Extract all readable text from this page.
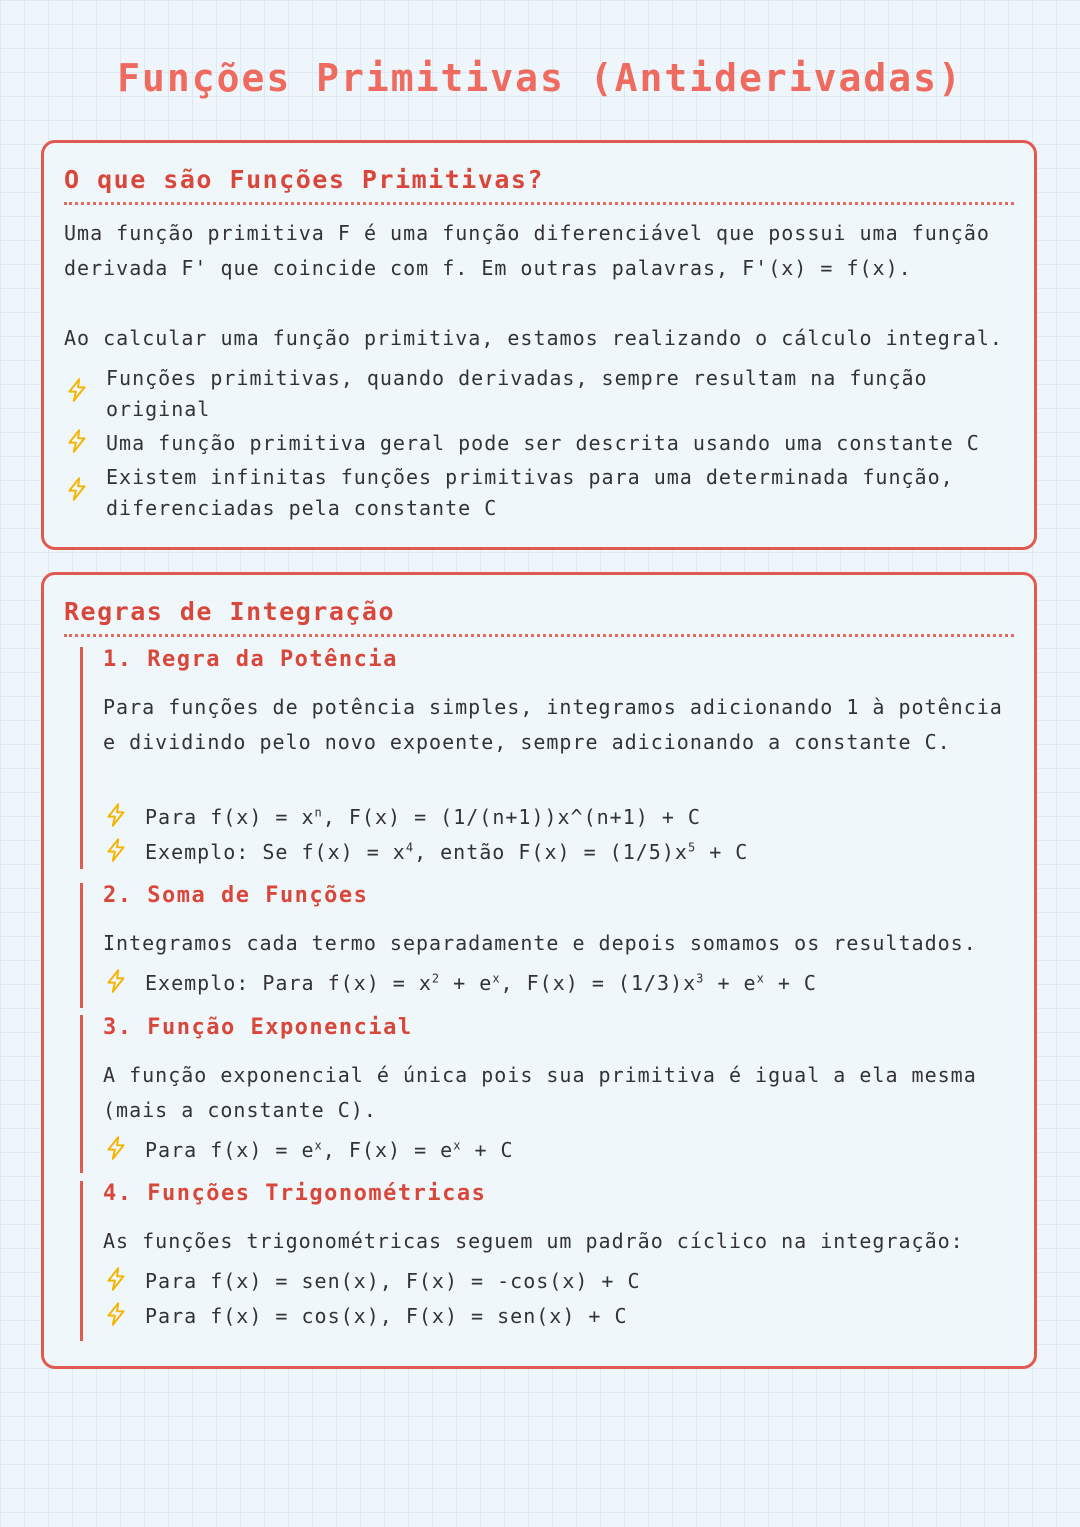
Funções Primitivas (Antiderivadas)
O que são Funções Primitivas?

Uma função primitiva F é uma função diferenciável que possui uma função derivada F' que coincide com f. Em outras palavras, F'(x) = f(x).

Ao calcular uma função primitiva, estamos realizando o cálculo integral.

Funções primitivas, quando derivadas, sempre resultam na função original
Uma função primitiva geral pode ser descrita usando uma constante C
Existem infinitas funções primitivas para uma determinada função, diferenciadas pela constante C
Regras de Integração
1. Regra da Potência

Para funções de potência simples, integramos adicionando 1 à potência e dividindo pelo novo expoente, sempre adicionando a constante C.

Para $f(x) = x^n$, F(x) = (1/(n+1))x^(n+1) + C
Exemplo: Se $f(x) = x^4$, então $F(x) = (1/5)x^5 + C$
2. Soma de Funções

Integramos cada termo separadamente e depois somamos os resultados.

Exemplo: Para $f(x) = x^2 + e^x$, $F(x) = (1/3)x^3 + e^x + C$
3. Função Exponencial

A função exponencial é única pois sua primitiva é igual a ela mesma (mais a constante C).

Para $f(x) = e^x$, $F(x) = e^x + C$
4. Funções Trigonométricas

As funções trigonométricas seguem um padrão cíclico na integração:

Para f(x) = sen(x), F(x) = -cos(x) + C
Para f(x) = cos(x), F(x) = sen(x) + C
